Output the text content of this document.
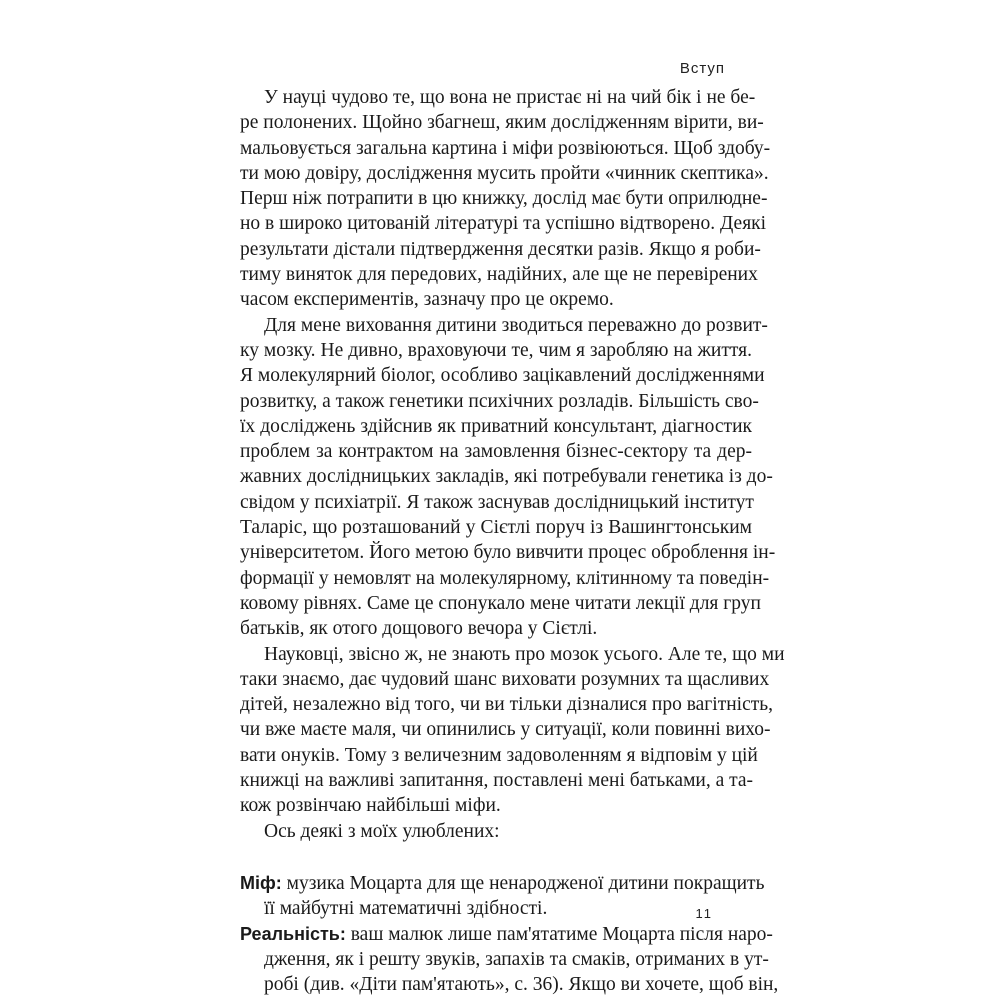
Вступ
У науці чудово те, що вона не пристає ні на чий бік і не бе-
ре полонених. Щойно збагнеш, яким дослідженням вірити, ви-
мальовується загальна картина і міфи розвіюються. Щоб здобу-
ти мою довіру, дослідження мусить пройти «чинник скептика».
Перш ніж потрапити в цю книжку, дослід має бути оприлюдне-
но в широко цитованій літературі та успішно відтворено. Деякі
результати дістали підтвердження десятки разів. Якщо я роби-
тиму виняток для передових, надійних, але ще не перевірених
часом експериментів, зазначу про це окремо.
Для мене виховання дитини зводиться переважно до розвит-
ку мозку. Не дивно, враховуючи те, чим я заробляю на життя.
Я молекулярний біолог, особливо зацікавлений дослідженнями
розвитку, а також генетики психічних розладів. Більшість сво-
їх досліджень здійснив як приватний консультант, діагностик
проблем за контрактом на замовлення бізнес-сектору та дер-
жавних дослідницьких закладів, які потребували генетика із до-
свідом у психіатрії. Я також заснував дослідницький інститут
Таларіс, що розташований у Сієтлі поруч із Вашингтонським
університетом. Його метою було вивчити процес оброблення ін-
формації у немовлят на молекулярному, клітинному та поведін-
ковому рівнях. Саме це спонукало мене читати лекції для груп
батьків, як отого дощового вечора у Сієтлі.
Науковці, звісно ж, не знають про мозок усього. Але те, що ми
таки знаємо, дає чудовий шанс виховати розумних та щасливих
дітей, незалежно від того, чи ви тільки дізналися про вагітність,
чи вже маєте маля, чи опинились у ситуації, коли повинні вихо-
вати онуків. Тому з величезним задоволенням я відповім у цій
книжці на важливі запитання, поставлені мені батьками, а та-
кож розвінчаю найбільші міфи.
Ось деякі з моїх улюблених:
Міф: музика Моцарта для ще ненародженої дитини покращить
її майбутні математичні здібності.
Реальність: ваш малюк лише пам'ятатиме Моцарта після наро-
дження, як і решту звуків, запахів та смаків, отриманих в ут-
робі (див. «Діти пам'ятають», с. 36). Якщо ви хочете, щоб він,
11
